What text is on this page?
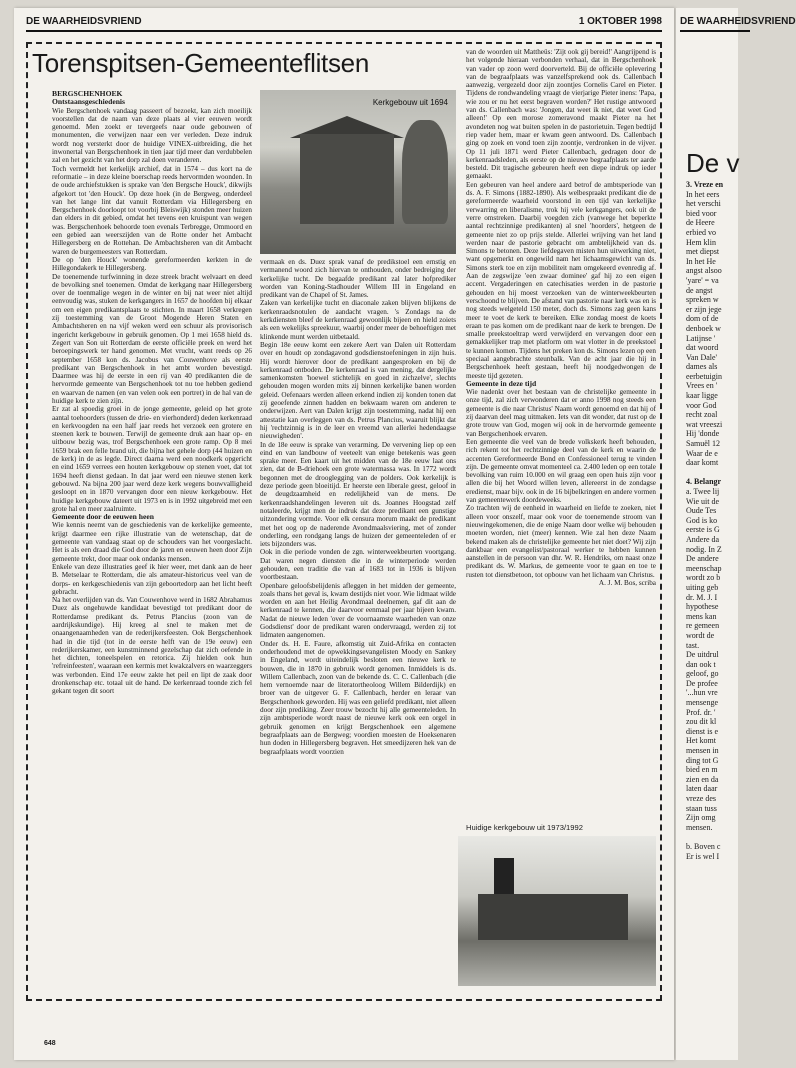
DE WAARHEIDSVRIEND	1 OKTOBER 1998
Torenspitsen-Gemeenteflitsen

BERGSCHENHOEK

Ontstaansgeschiedenis

Wie Bergschenhoek vandaag passeert of bezoekt, kan zich moeilijk voorstellen dat de naam van deze plaats al vier eeuwen wordt genoemd. Men zoekt er tevergeefs naar oude gebouwen of monumenten, die verwijzen naar een ver verleden. Deze indruk wordt nog versterkt door de huidige VINEX-uitbreiding, die het inwonertal van Bergschenhoek in tien jaar tijd meer dan verdubbelen zal en het gezicht van het dorp zal doen veranderen.

Toch vermeldt het kerkelijk archief, dat in 1574 – dus kort na de reformatie – in deze kleine boerschap reeds hervormden woonden. In de oude archiefstukken is sprake van 'den Bergsche Houck', dikwijls afgekort tot 'den Houck'. Op deze hoek (in de Bergweg, onderdeel van het lange lint dat vanuit Rotterdam via Hillegersberg en Bergschenhoek doorloopt tot voorbij Bleiswijk) stonden meer huizen dan elders in dit gebied, omdat het tevens een kruispunt van wegen was. Bergschenhoek behoorde toen evenals Terbregge, Ommoord en een gebied aan weerszijden van de Rotte onder het Ambacht Hillegersberg en de Rottehan. De Ambachtsheren van dit Ambacht waren de burgemeesters van Rotterdam.

De op 'den Houck' wonende gereformeerden kerkten in de Hillegondakerk te Hillegersberg.

De toenemende turfwinning in deze streek bracht welvaart en deed de bevolking snel toenemen. Omdat de kerkgang naar Hillegersberg over de toenmalige wegen in de winter en bij nat weer niet altijd eenvoudig was, stuken de kerkgangers in 1657 de hoofden bij elkaar om een eigen predikantsplaats te stichten. In maart 1658 verkregen zij toestemming van de Groot Mogende Heren Staten en Ambachtsheren en na vijf weken werd een schuur als provisorisch ingericht kerkgebouw in gebruik genomen. Op 1 mei 1658 hield ds. Zegert van Son uit Rotterdam de eerste officiële preek en werd het beroepingswerk ter hand genomen. Met vrucht, want reeds op 26 september 1658 kon ds. Jacobus van Couwenhove als eerste predikant van Bergschenhoek in het ambt worden bevestigd. Daarmee was hij de eerste in een rij van 40 predikanten die de hervormde gemeente van Bergschenhoek tot nu toe hebben gediend en waarvan de namen (en van velen ook een portret) in de hal van de huidige kerk te zien zijn.

Er zat al spoedig groei in de jonge gemeente, geleid op het grote aantal toehoorders (tussen de drie- en vierhonderd) deden kerkenraad en kerkvoogden na een half jaar reeds het verzoek een grotere en steenen kerk te bouwen. Terwijl de gemeente druk aan haar op- en uitbouw bezig was, trof Bergschenhoek een grote ramp. Op 8 mei 1659 brak een felle brand uit, die bijna het gehele dorp (44 huizen en de kerk) in de as legde. Direct daarna werd een noodkerk opgericht en eind 1659 verrees een houten kerkgebouw op stenen voet, dat tot 1694 heeft dienst gedaan. In dat jaar werd een nieuwe stenen kerk gebouwd. Na bijna 200 jaar werd deze kerk wegens bouwvalligheid gesloopt en in 1870 vervangen door een nieuw kerkgebouw. Het huidige kerkgebouw dateert uit 1973 en is in 1992 uitgebreid met een grote hal en meer zaalruimte.

Gemeente door de eeuwen heen

Wie kennis neemt van de geschiedenis van de kerkelijke gemeente, krijgt daarmee een rijke illustratie van de wetenschap, dat de gemeente van vandaag staat op de schouders van het voorgeslacht. Het is als een draad die God door de jaren en eeuwen heen door Zijn gemeente trekt, door maar ook ondanks mensen.

Enkele van deze illustraties geef ik hier weer, met dank aan de heer B. Metselaar te Rotterdam, die als amateur-historicus veel van de dorps- en kerkgeschiedenis van zijn geboortedorp aan het licht heeft gebracht.

Na het overlijden van ds. Van Couwenhove werd in 1682 Abrahamus Duez als ongehuwde kandidaat bevestigd tot predikant door de Rotterdamse predikant ds. Petrus Plancius (zoon van de aardrijkskundige). Hij kreeg al snel te maken met de onaangenaamheden van de rederijkersfeesten. Ook Bergschenhoek had in die tijd (tot in de eerste helft van de 19e eeuw) een rederijkerskamer, een kunstminnend gezelschap dat zich oefende in het dichten, toneelspelen en retorica. Zij hielden ook hun 'refreinfeesten', waaraan een kermis met kwakzalvers en waarzeggers was verbonden. Eind 17e eeuw zakte het peil en lipt de zaak door dronkenschap etc. totaal uit de hand. De kerkenraad toonde zich fel gekant tegen dit soort

Kerkgebouw uit 1694

vermaak en ds. Duez sprak vanaf de predikstoel een ernstig en vermanend woord zich hiervan te onthouden, onder bedreiging der kerkelijke tucht. De begaafde predikant zal later hofprediker worden van Koning-Stadhouder Willem III in Engeland en predikant van de Chapel of St. James.

Zaken van kerkelijke tucht en diaconale zaken blijven blijkens de kerkenraadsnotulen de aandacht vragen. 's Zondags na de kerkdiensten bleef de kerkenraad gewoonlijk bijeen en hield zoiets als een wekelijks spreekuur, waarbij onder meer de behoeftigen met klinkende munt werden uitbetaald.

Begin 18e eeuw komt een zekere Aert van Dalen uit Rotterdam over en houdt op zondagavond godsdienstoefeningen in zijn huis. Hij wordt hierover door de predikant aangesproken en bij de kerkenraad ontboden. De kerkenraad is van mening, dat dergelijke samenkomsten 'hoewel stichtelijk en goed in zichzelve', slechts gehouden mogen worden mits zij binnen kerkelijke banen worden geleid. Oefenaars werden alleen erkend indien zij konden tonen dat zij geoefende zinnen hadden en bekwaam waren om anderen te onderwijzen. Aert van Dalen krijgt zijn toestemming, nadat hij een attestatie kan overleggen van ds. Petrus Plancius, waaruit blijkt dat hij 'rechtzinnig is in de leer en vreemd van allerlei hedendaagse nieuwigheden'.

In de 18e eeuw is sprake van verarming. De vervening liep op een eind en van landbouw of veeteelt van enige betekenis was geen sprake meer. Een kaart uit het midden van de 18e eeuw laat ons zien, dat de B-driehoek een grote watermassa was. In 1772 wordt begonnen met de drooglegging van de polders. Ook kerkelijk is deze periode geen bloeitijd. Er heerste een liberale geest, geloof in de deugdzaamheid en redelijkheid van de mens. De kerkenraadshandelingen leveren uit ds. Joannes Hoogstad zelf notaleerde, krijgt men de indruk dat deze predikant een gunstige uitzondering vormde. Voor elk censura morum maakt de predikant met het oog op de naderende Avondmaalsviering, met of zonder onderling, een rondgang langs de huizen der gemeenteleden of er iets bijzonders was.

Ook in die periode vonden de zgn. winterweekbeurten voortgang. Dat waren negen diensten die in de winterperiode werden gehouden, een traditie die van af 1683 tot in 1936 is blijven voortbestaan.

Openbare geloofsbelijdenis afleggen in het midden der gemeente, zoals thans het geval is, kwam destijds niet voor. Wie lidmaat wilde worden en aan het Heilig Avondmaal deelnemen, gaf dit aan de kerkenraad te kennen, die daarvoor eenmaal per jaar bijeen kwam. Nadat de nieuwe leden 'over de voornaamste waarheden van onze Godsdienst' door de predikant waren ondervraagd, werden zij tot lidmaten aangenomen.

Onder ds. H. E. Faure, afkomstig uit Zuid-Afrika en contacten onderhoudend met de opwekkingsevangelisten Moody en Sankey in Engeland, wordt uiteindelijk besloten een nieuwe kerk te bouwen, die in 1870 in gebruik wordt genomen. Inmiddels is ds. Willem Callenbach, zoon van de bekende ds. C. C. Callenbach (die hem vernoemde naar de literatortheoloog Willem Bilderdijk) en broer van de uitgever G. F. Callenbach, herder en leraar van Bergschenhoek geworden. Hij was een geliefd predikant, niet alleen door zijn prediking. Zeer trouw bezocht hij alle gemeenteleden. In zijn ambtsperiode wordt naast de nieuwe kerk ook een orgel in gebruik genomen en krijgt Bergschenhoek een algemene begraafplaats aan de Bergweg; voordien moesten de Hoeksenaren hun doden in Hillegersberg begraven. Het smeedijzeren hek van de begraafplaats wordt voorzien

van de woorden uit Mattheüs: 'Zijt ook gij bereid!' Aangrijpend is het volgende hieraan verbonden verhaal, dat in Bergschenhoek van vader op zoon werd doorverteld. Bij de officiële oplevering van de begraafplaats was vanzelfsprekend ook ds. Callenbach aanwezig, vergezeld door zijn zoontjes Cornelis Carel en Pieter. Tijdens de rondwandeling vraagt de vierjarige Pieter inens: 'Papa, wie zou er nu het eerst begraven worden?' Het rustige antwoord van ds. Callenbach was: 'Jongen, dat weet ik niet, dat weet God alleen!' Op een morose zomeravond maakt Pieter na het avondeten nog wat buiten spelen in de pastorietuin. Tegen bedtijd riep vader hem, maar er kwam geen antwoord. Ds. Callenbach ging op zoek en vond toen zijn zoontje, verdronken in de vijver. Op 11 juli 1871 werd Pieter Callenbach, gedragen door de kerkenraadsleden, als eerste op de nieuwe begraafplaats ter aarde besteld. Dit tragische gebeuren heeft een diepe indruk op ieder gemaakt.

Een gebeuren van heel andere aard betrof de ambtsperiode van ds. A. F. Simons (1882-1890). Als welbespraakt predikant die de gereformeerde waarheid voorstond in een tijd van kerkelijke verwarring en liberalisme, trok hij vele kerkgangers, ook uit de verre omstreken. Daarbij voegden zich (vanwege het beperkte aantal rechtzinnige predikanten) al snel 'hoorders', hetgeen de gemeente niet zo op prijs stelde. Allerlei wrijving van het land werden naar de pastorie gebracht om ambtelijkheid van ds. Simons te betonen. Deze liefdegaven misten hun uitwerking niet, want opgemerkt en ongewild nam het lichaamsgewicht van ds. Simons sterk toe en zijn mobiliteit nam omgekeerd evenredig af. Aan de zegswijze 'een zwaar dominee' gaf hij zo een eigen accent. Vergaderingen en catechisaties werden in de pastorie gehouden en hij moest verzoeken van de winterweekbeurten verschoond te blijven. De afstand van pastorie naar kerk was en is nog steeds welgeteld 150 meter, doch ds. Simons zag geen kans meer te voet de kerk te bereiken. Elke zondag moest de koets eraan te pas komen om de predikant naar de kerk te brengen. De smalle preekstoeltrap werd verwijderd en vervangen door een gemakkelijker trap met platform om wat vlotter in de preekstoel te kunnen komen. Tijdens het preken kon ds. Simons lezen op een speciaal aangebrachte steunbalk. Van de acht jaar die hij in Bergschenhoek heeft gestaan, heeft hij noodgedwongen de meeste tijd gezeten.

Gemeente in deze tijd

Wie nadenkt over het bestaan van de christelijke gemeente in onze tijd, zal zich verwonderen dat er anno 1998 nog steeds een gemeente is die naar Christus' Naam wordt genoemd en dat hij of zij daarvan deel mag uitmaken. Iets van dit wonder, dat rust op de grote trouw van God, mogen wij ook in de hervormde gemeente van Bergschenhoek ervaren.

Een gemeente die veel van de brede volkskerk heeft behouden, rich rekent tot het rechtzinnige deel van de kerk en waarin de accenten Gereformeerde Bond en Confessioneel terug te vinden zijn. De gemeente omvat momenteel ca. 2.400 leden op een totale bevolking van ruim 10.000 en wil graag een open huis zijn voor allen die bij het Woord willen leven, allereerst in de zondagse eredienst, maar bijv. ook in de 16 bijbelkringen en andere vormen van gemeentewerk doordeweeks.

Zo trachten wij de eenheid in waarheid en liefde te zoeken, niet alleen voor onszelf, maar ook voor de toenemende stroom van nieuwingekomenen, die de enige Naam door welke wij behouden moeten worden, niet (meer) kennen. Wie zal hen deze Naam bekend maken als de christelijke gemeente het niet doet? Wij zijn dankbaar een evangelist/pastoraal werker te hebben kunnen aanstellen in de persoon van dhr. W. R. Hendriks, om naast onze predikant ds. W. Markus, de gemeente voor te gaan en toe te rusten tot dienstbetoon, tot opbouw van het lichaam van Christus.

A. J. M. Bos, scriba

Huidige kerkgebouw uit 1973/1992
648
DE WAARHEIDSVRIEND
De v

3. Vreze en

In het eers

het verschi

bied voor

de Heere

erbied vo

Hem klin

met diepst

In het He

angst alsoo

'yare' = va

de angst

spreken w

er zijn jege

dom of de

denboek w

Latijnse '

dat woord

Van Dale'

dames als

eerbetuigin

Vrees en '

kaar ligge

voor God

recht zoal

wat vreeszi

Hij 'donde

Samuël 12

Waar de e

daar komt

4. Belangr

a. Twee lij

Wie uit de

Oude Tes

God is ko

eerste is G

Andere da

nodig. In Z

De andere

meenschap

wordt zo b

uiting geb

dr. M. J. I

hypothese

mens kan

re gemeen

wordt de

tast.

De uitdrul

dan ook t

geloof, go

De profee

'...hun vre

mensenge

Prof. dr. '

zou dit kl

dienst is e

Het komt

mensen in

ding tot G

bied en m

zien en da

laten daar

vreze des

staan tuss

Zijn omg

mensen.

b. Boven c

Er is wel I
